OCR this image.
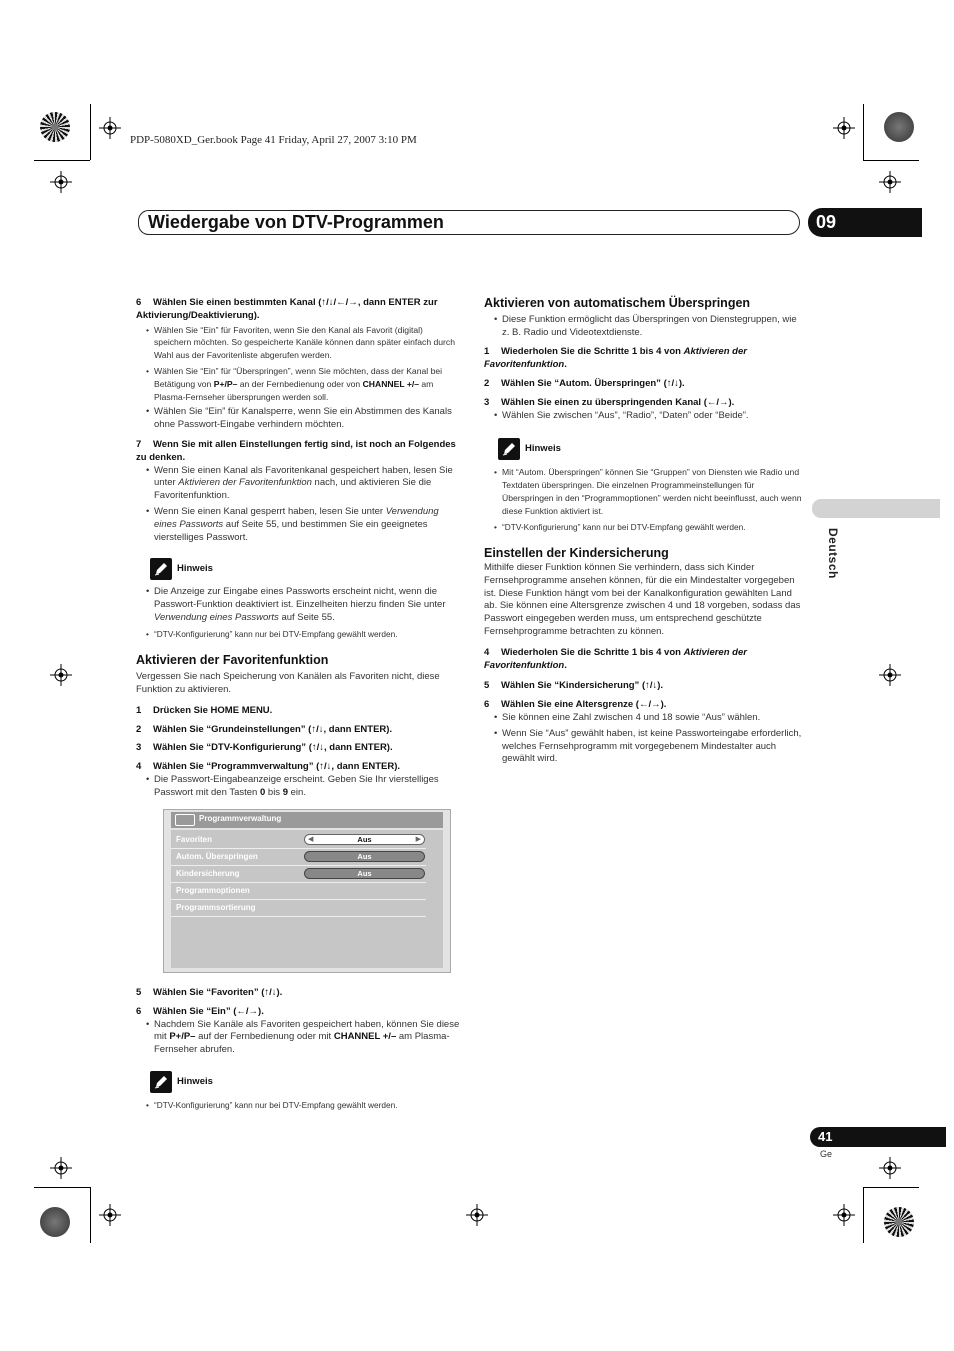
PDP-5080XD_Ger.book Page 41 Friday, April 27, 2007 3:10 PM
Wiedergabe von DTV-Programmen	09
Deutsch
6 Wählen Sie einen bestimmten Kanal (↑/↓/←/→, dann ENTER zur Aktivierung/Deaktivierung).
• Wählen Sie “Ein” für Favoriten, wenn Sie den Kanal als Favorit (digital) speichern möchten. So gespeicherte Kanäle können dann später einfach durch Wahl aus der Favoritenliste abgerufen werden.
• Wählen Sie “Ein” für “Überspringen”, wenn Sie möchten, dass der Kanal bei Betätigung von P+/P– an der Fernbedienung oder von CHANNEL +/– am Plasma-Fernseher übersprungen werden soll.
• Wählen Sie “Ein” für Kanalsperre, wenn Sie ein Abstimmen des Kanals ohne Passwort-Eingabe verhindern möchten.
7 Wenn Sie mit allen Einstellungen fertig sind, ist noch an Folgendes zu denken.
• Wenn Sie einen Kanal als Favoritenkanal gespeichert haben, lesen Sie unter Aktivieren der Favoritenfunktion nach, und aktivieren Sie die Favoritenfunktion.
• Wenn Sie einen Kanal gesperrt haben, lesen Sie unter Verwendung eines Passworts auf Seite 55, und bestimmen Sie ein geeignetes vierstelliges Passwort.
Hinweis
• Die Anzeige zur Eingabe eines Passworts erscheint nicht, wenn die Passwort-Funktion deaktiviert ist. Einzelheiten hierzu finden Sie unter Verwendung eines Passworts auf Seite 55.
• “DTV-Konfigurierung” kann nur bei DTV-Empfang gewählt werden.
Aktivieren der Favoritenfunktion
Vergessen Sie nach Speicherung von Kanälen als Favoriten nicht, diese Funktion zu aktivieren.
1 Drücken Sie HOME MENU.
2 Wählen Sie “Grundeinstellungen” (↑/↓, dann ENTER).
3 Wählen Sie “DTV-Konfigurierung” (↑/↓, dann ENTER).
4 Wählen Sie “Programmverwaltung” (↑/↓, dann ENTER).
• Die Passwort-Eingabeanzeige erscheint. Geben Sie Ihr vierstelliges Passwort mit den Tasten 0 bis 9 ein.
Programmverwaltung
Favoriten	◀	Aus	▶
Autom. Überspringen	Aus
Kindersicherung	Aus
Programmoptionen
Programmsortierung
5 Wählen Sie “Favoriten” (↑/↓).
6 Wählen Sie “Ein” (←/→).
• Nachdem Sie Kanäle als Favoriten gespeichert haben, können Sie diese mit P+/P– auf der Fernbedienung oder mit CHANNEL +/– am Plasma-Fernseher abrufen.
Hinweis
• “DTV-Konfigurierung” kann nur bei DTV-Empfang gewählt werden.
Aktivieren von automatischem Überspringen
• Diese Funktion ermöglicht das Überspringen von Dienstegruppen, wie z. B. Radio und Videotextdienste.
1 Wiederholen Sie die Schritte 1 bis 4 von Aktivieren der Favoritenfunktion.
2 Wählen Sie “Autom. Überspringen” (↑/↓).
3 Wählen Sie einen zu überspringenden Kanal (←/→).
• Wählen Sie zwischen “Aus”, “Radio”, “Daten” oder “Beide”.
Hinweis
• Mit “Autom. Überspringen” können Sie “Gruppen” von Diensten wie Radio und Textdaten überspringen. Die einzelnen Programmeinstellungen für Überspringen in den “Programmoptionen” werden nicht beeinflusst, auch wenn diese Funktion aktiviert ist.
• “DTV-Konfigurierung” kann nur bei DTV-Empfang gewählt werden.
Einstellen der Kindersicherung
Mithilfe dieser Funktion können Sie verhindern, dass sich Kinder Fernsehprogramme ansehen können, für die ein Mindestalter vorgegeben ist. Diese Funktion hängt vom bei der Kanalkonfiguration gewählten Land ab. Sie können eine Altersgrenze zwischen 4 und 18 vorgeben, sodass das Passwort eingegeben werden muss, um entsprechend geschützte Fernsehprogramme betrachten zu können.
4 Wiederholen Sie die Schritte 1 bis 4 von Aktivieren der Favoritenfunktion.
5 Wählen Sie “Kindersicherung” (↑/↓).
6 Wählen Sie eine Altersgrenze (←/→).
• Sie können eine Zahl zwischen 4 und 18 sowie “Aus” wählen.
• Wenn Sie “Aus” gewählt haben, ist keine Passworteingabe erforderlich, welches Fernsehprogramm mit vorgegebenem Mindestalter auch gewählt wird.
41
Ge
